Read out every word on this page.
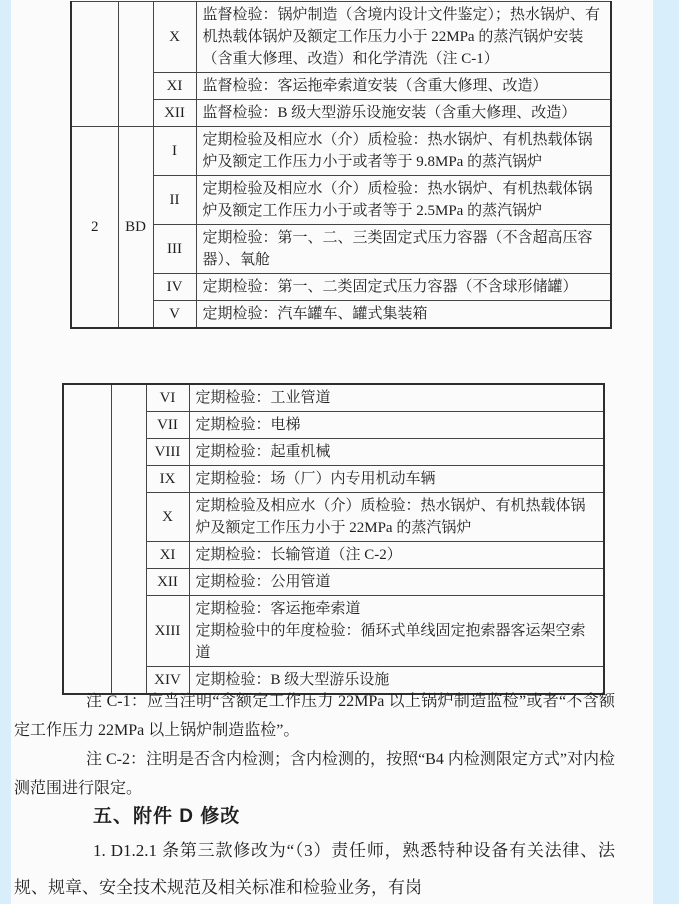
		X	监督检验：锅炉制造（含境内设计文件鉴定）；热水锅炉、有机热载体锅炉及额定工作压力小于 22MPa 的蒸汽锅炉安装（含重大修理、改造）和化学清洗（注 C-1）
		XI	监督检验：客运拖牵索道安装（含重大修理、改造）
		XII	监督检验：B 级大型游乐设施安装（含重大修理、改造）
2	BD	I	定期检验及相应水（介）质检验：热水锅炉、有机热载体锅炉及额定工作压力小于或者等于 9.8MPa 的蒸汽锅炉
		II	定期检验及相应水（介）质检验：热水锅炉、有机热载体锅炉及额定工作压力小于或者等于 2.5MPa 的蒸汽锅炉
		III	定期检验：第一、二、三类固定式压力容器（不含超高压容器）、氧舱
		IV	定期检验：第一、二类固定式压力容器（不含球形储罐）
		V	定期检验：汽车罐车、罐式集装箱
		VI	定期检验：工业管道
		VII	定期检验：电梯
		VIII	定期检验：起重机械
		IX	定期检验：场（厂）内专用机动车辆
		X	定期检验及相应水（介）质检验：热水锅炉、有机热载体锅炉及额定工作压力小于 22MPa 的蒸汽锅炉
		XI	定期检验：长输管道（注 C-2）
		XII	定期检验：公用管道
		XIII	定期检验：客运拖牵索道
定期检验中的年度检验：循环式单线固定抱索器客运架空索道

		XIV	定期检验：B 级大型游乐设施

注 C-1：应当注明“含额定工作压力 22MPa 以上锅炉制造监检”或者“不含额定工作压力 22MPa 以上锅炉制造监检”。

注 C-2：注明是否含内检测；含内检测的，按照“B4 内检测限定方式”对内检测范围进行限定。

五、附件 D 修改
1. D1.2.1 条第三款修改为“（3）责任师，熟悉特种设备有关法律、法规、规章、安全技术规范及相关标准和检验业务，有岗
